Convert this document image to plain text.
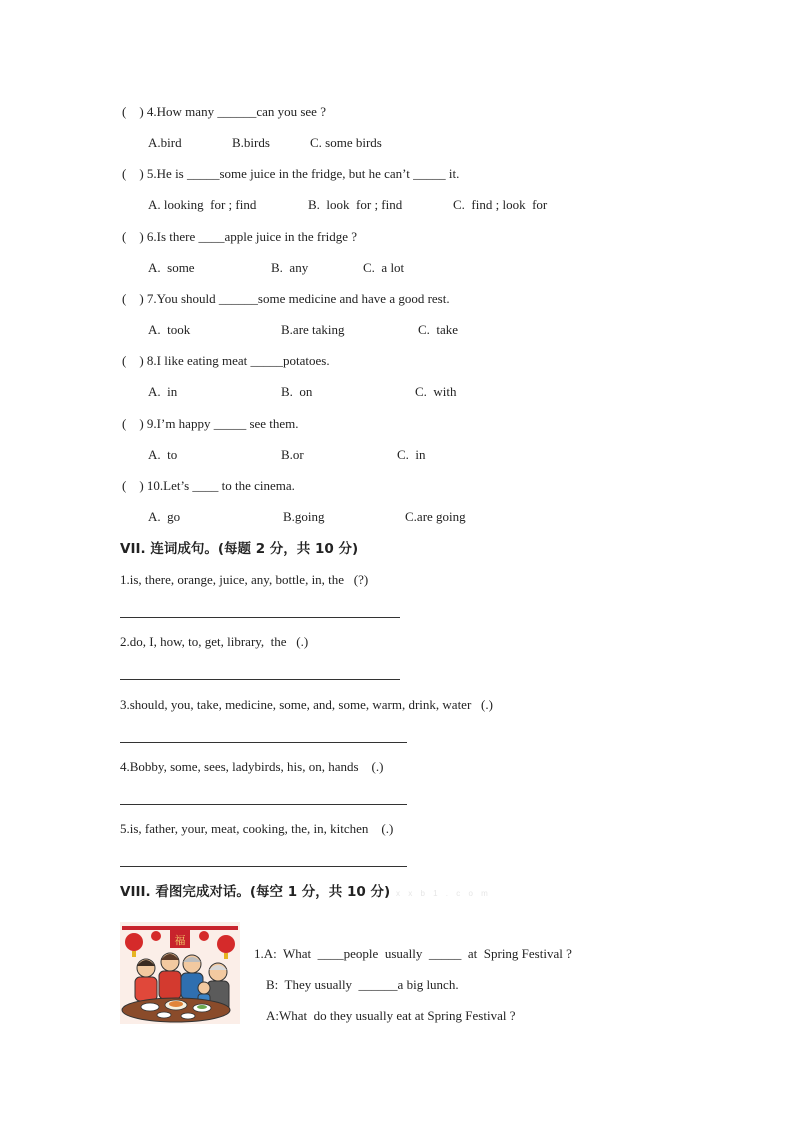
(    ) 4.How many ______can you see ?
A.bird	B.birds	C. some birds
(    ) 5.He is _____some juice in the fridge, but he can’t _____ it.
A. looking  for ; find	B.  look  for ; find	C.  find ; look  for
(    ) 6.Is there ____apple juice in the fridge ?
A.  some	B.  any	C.  a lot
(    ) 7.You should ______some medicine and have a good rest.
A.  took	B.are taking	C.  take
(    ) 8.I like eating meat _____potatoes.
A.  in	B.  on	C.  with
(    ) 9.I’m happy _____ see them.
A.  to	B.or	C.  in
(    ) 10.Let’s ____ to the cinema.
A.  go	B.going	C.are going
VII. 连词成句。(每题 2 分，共 10 分)
1.is, there, orange, juice, any, bottle, in, the   (?)
2.do, I, how, to, get, library,  the   (.)
3.should, you, take, medicine, some, and, some, warm, drink, water   (.)
4.Bobby, some, sees, ladybirds, his, on, hands    (.)
5.is, father, your, meat, cooking, the, in, kitchen    (.)
VIII. 看图完成对话。(每空 1 分，共 10 分) x x b 1 . c o m
福
1.A:  What  ____people  usually  _____  at  Spring Festival ?
B:  They usually  ______a big lunch.
A:What  do they usually eat at Spring Festival ?
